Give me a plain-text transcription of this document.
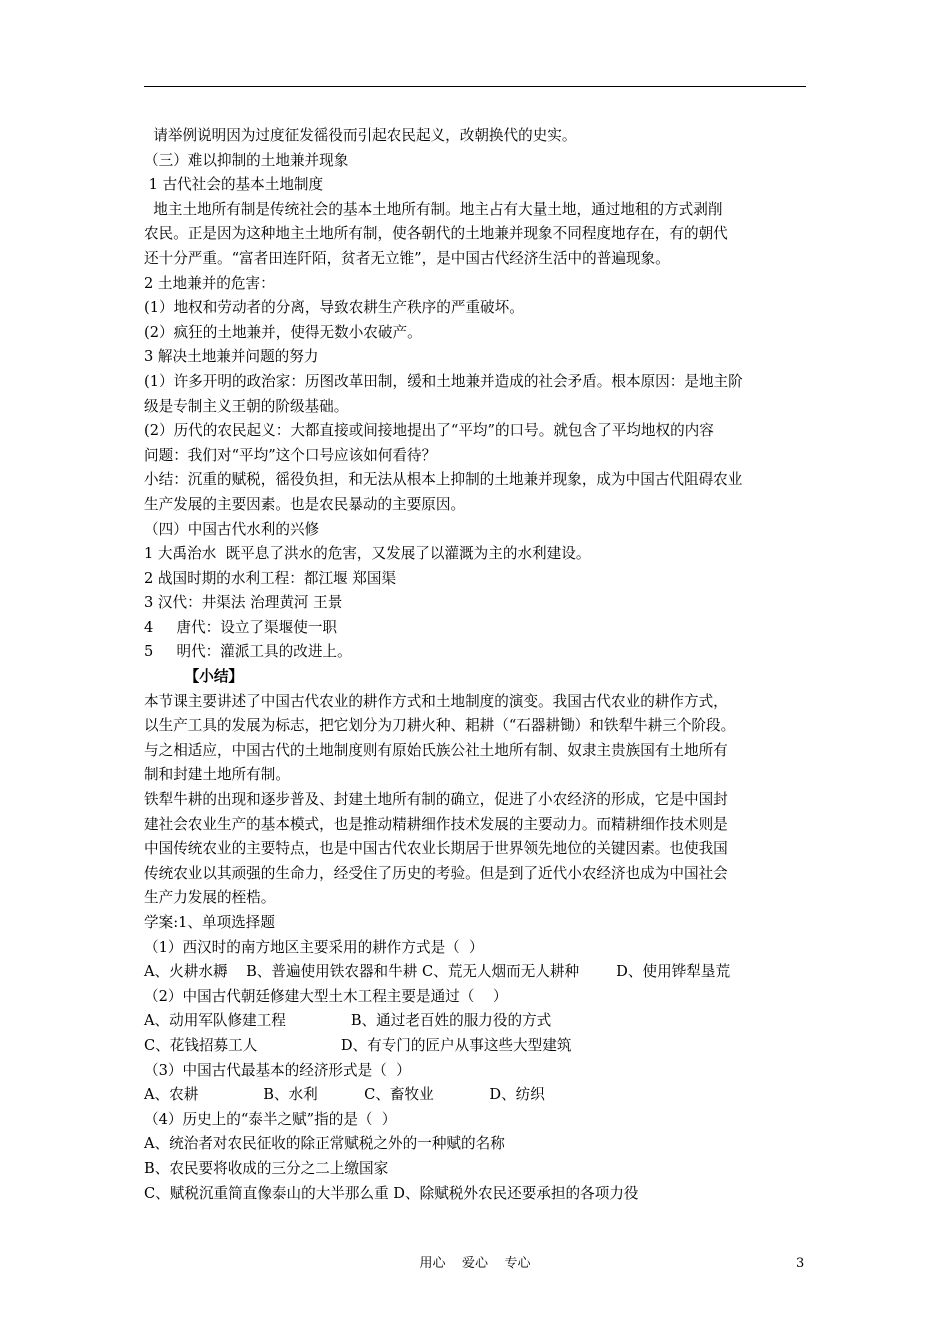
请举例说明因为过度征发徭役而引起农民起义，改朝换代的史实。
（三）难以抑制的土地兼并现象
1 古代社会的基本土地制度
地主土地所有制是传统社会的基本土地所有制。地主占有大量土地，通过地租的方式剥削
农民。正是因为这种地主土地所有制，使各朝代的土地兼并现象不同程度地存在，有的朝代
还十分严重。“富者田连阡陌，贫者无立锥”，是中国古代经济生活中的普遍现象。
2 土地兼并的危害：
(1）地权和劳动者的分离，导致农耕生产秩序的严重破坏。
(2）疯狂的土地兼并，使得无数小农破产。
3 解决土地兼并问题的努力
(1）许多开明的政治家：历图改革田制，缓和土地兼并造成的社会矛盾。根本原因：是地主阶
级是专制主义王朝的阶级基础。
(2）历代的农民起义：大都直接或间接地提出了“平均”的口号。就包含了平均地权的内容
问题：我们对“平均”这个口号应该如何看待？
小结：沉重的赋税，徭役负担，和无法从根本上抑制的土地兼并现象，成为中国古代阻碍农业
生产发展的主要因素。也是农民暴动的主要原因。
（四）中国古代水利的兴修
1 大禹治水  既平息了洪水的危害，又发展了以灌溉为主的水利建设。
2 战国时期的水利工程：都江堰 郑国渠
3 汉代：井渠法 治理黄河 王景
4     唐代：设立了渠堰使一职
5     明代：灌派工具的改进上。
【小结】
本节课主要讲述了中国古代农业的耕作方式和土地制度的演变。我国古代农业的耕作方式，
以生产工具的发展为标志，把它划分为刀耕火种、耜耕（“石器耕锄）和铁犁牛耕三个阶段。
与之相适应，中国古代的土地制度则有原始氏族公社土地所有制、奴隶主贵族国有土地所有
制和封建土地所有制。
铁犁牛耕的出现和逐步普及、封建土地所有制的确立，促进了小农经济的形成，它是中国封
建社会农业生产的基本模式，也是推动精耕细作技术发展的主要动力。而精耕细作技术则是
中国传统农业的主要特点，也是中国古代农业长期居于世界领先地位的关键因素。也使我国
传统农业以其顽强的生命力，经受住了历史的考验。但是到了近代小农经济也成为中国社会
生产力发展的桎梏。
学案:1、单项选择题
（1）西汉时的南方地区主要采用的耕作方式是（  ）
A、火耕水耨    B、普遍使用铁农器和牛耕 C、荒无人烟而无人耕种        D、使用铧犁垦荒
（2）中国古代朝廷修建大型土木工程主要是通过（    ）
A、动用军队修建工程              B、通过老百姓的服力役的方式
C、花钱招募工人                  D、有专门的匠户从事这些大型建筑
（3）中国古代最基本的经济形式是（  ）
A、农耕              B、水利          C、畜牧业            D、纺织
（4）历史上的“泰半之赋”指的是（  ）
A、统治者对农民征收的除正常赋税之外的一种赋的名称
B、农民要将收成的三分之二上缴国家
C、赋税沉重简直像泰山的大半那么重 D、除赋税外农民还要承担的各项力役
用心    爱心    专心	3
